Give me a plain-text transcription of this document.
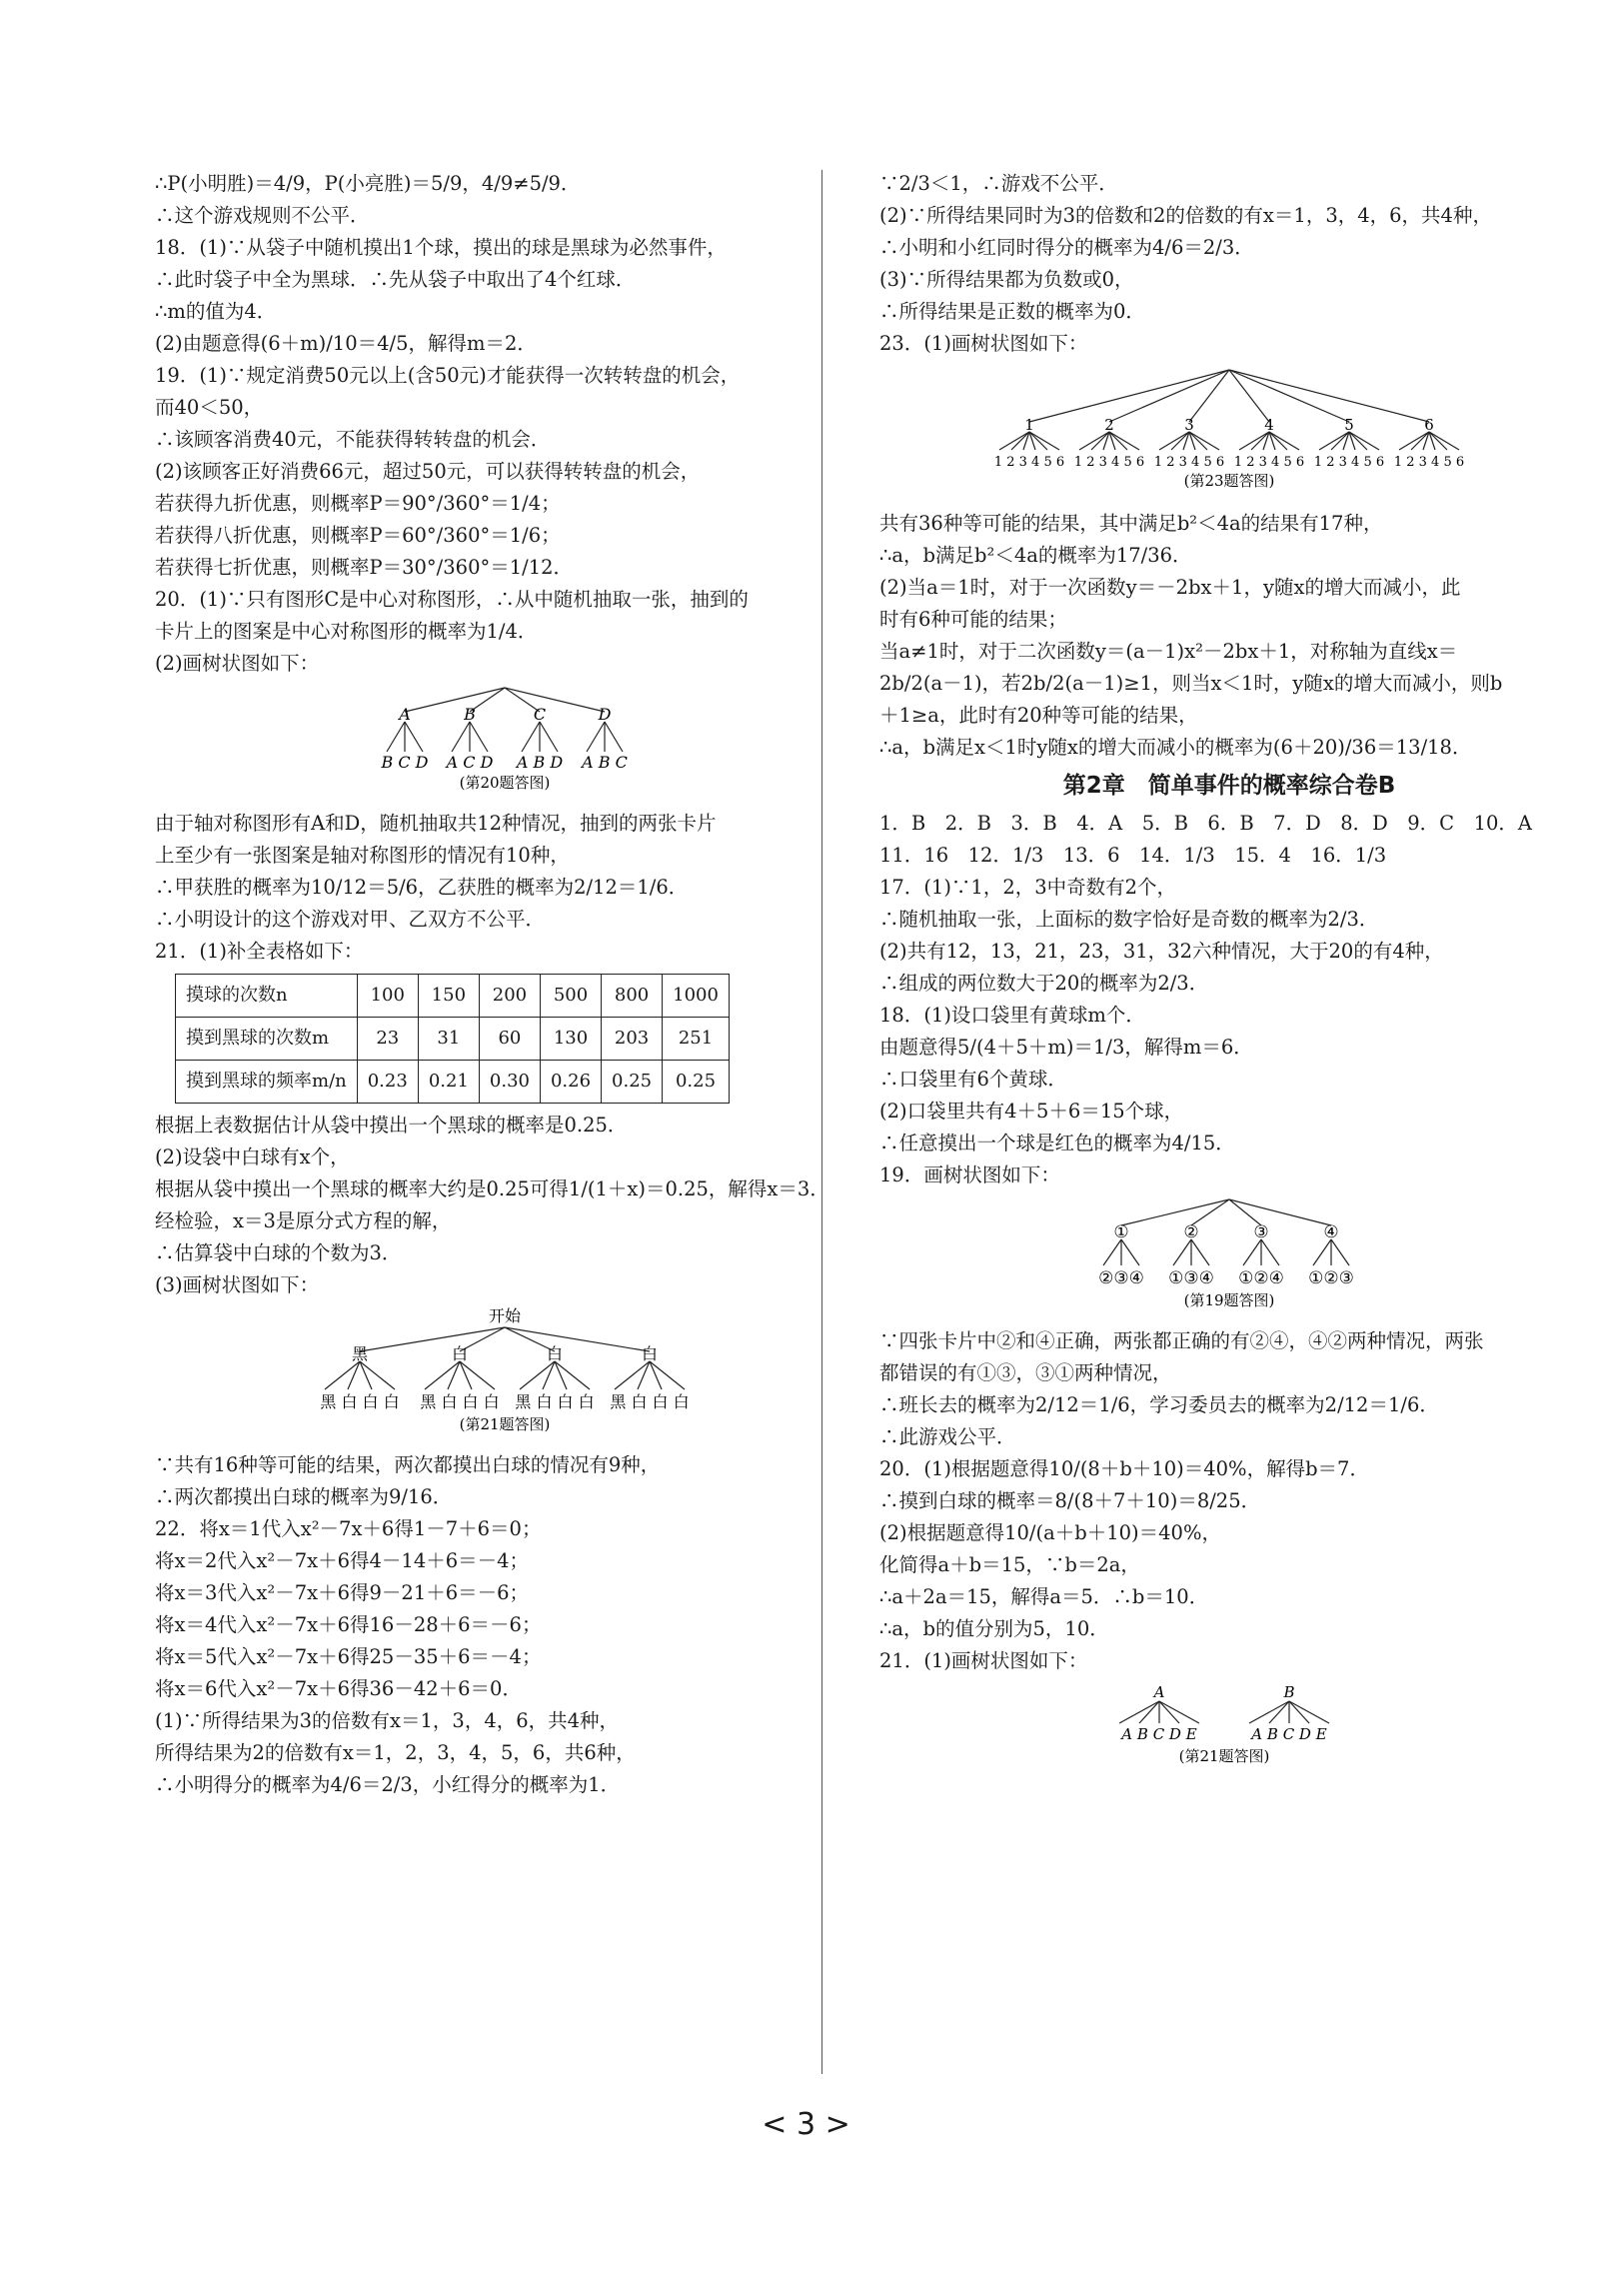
∴P(小明胜)＝4/9，P(小亮胜)＝5/9，4/9≠5/9．

∴这个游戏规则不公平．

18．(1)∵从袋子中随机摸出1个球，摸出的球是黑球为必然事件，

∴此时袋子中全为黑球．∴先从袋子中取出了4个红球．

∴m的值为4．

(2)由题意得(6＋m)/10＝4/5，解得m＝2．

19．(1)∵规定消费50元以上(含50元)才能获得一次转转盘的机会，

而40＜50，

∴该顾客消费40元，不能获得转转盘的机会．

(2)该顾客正好消费66元，超过50元，可以获得转转盘的机会，

若获得九折优惠，则概率P＝90°/360°＝1/4；

若获得八折优惠，则概率P＝60°/360°＝1/6；

若获得七折优惠，则概率P＝30°/360°＝1/12．

20．(1)∵只有图形C是中心对称图形，∴从中随机抽取一张，抽到的

卡片上的图案是中心对称图形的概率为1/4．

(2)画树状图如下：

A	B	C	D
B C D A C D A B D A B C
(第20题答图)

由于轴对称图形有A和D，随机抽取共12种情况，抽到的两张卡片

上至少有一张图案是轴对称图形的情况有10种，

∴甲获胜的概率为10/12＝5/6，乙获胜的概率为2/12＝1/6．

∴小明设计的这个游戏对甲、乙双方不公平．

21．(1)补全表格如下：

摸球的次数n	100	150	200	500	800	1000
摸到黑球的次数m	23	31	60	130	203	251
摸到黑球的频率m/n	0.23	0.21	0.30	0.26	0.25	0.25

根据上表数据估计从袋中摸出一个黑球的概率是0.25．

(2)设袋中白球有x个，

根据从袋中摸出一个黑球的概率大约是0.25可得1/(1＋x)＝0.25，解得x＝3．

经检验，x＝3是原分式方程的解，

∴估算袋中白球的个数为3．

(3)画树状图如下：

开始
黑	白	白	白
黑 白 白 白 黑 白 白 白 黑 白 白 白 黑 白 白 白
(第21题答图)

∵共有16种等可能的结果，两次都摸出白球的情况有9种，

∴两次都摸出白球的概率为9/16．

22．将x＝1代入x²－7x＋6得1－7＋6＝0；

将x＝2代入x²－7x＋6得4－14＋6＝－4；

将x＝3代入x²－7x＋6得9－21＋6＝－6；

将x＝4代入x²－7x＋6得16－28＋6＝－6；

将x＝5代入x²－7x＋6得25－35＋6＝－4；

将x＝6代入x²－7x＋6得36－42＋6＝0．

(1)∵所得结果为3的倍数有x＝1，3，4，6，共4种，

所得结果为2的倍数有x＝1，2，3，4，5，6，共6种，

∴小明得分的概率为4/6＝2/3，小红得分的概率为1．

∵2/3＜1，∴游戏不公平．

(2)∵所得结果同时为3的倍数和2的倍数的有x＝1，3，4，6，共4种，

∴小明和小红同时得分的概率为4/6＝2/3．

(3)∵所得结果都为负数或0，

∴所得结果是正数的概率为0．

23．(1)画树状图如下：

1	2	3	4	5	6
1 2 3 4 5 6 1 2 3 4 5 6 1 2 3 4 5 6 1 2 3 4 5 6 1 2 3 4 5 6 1 2 3 4 5 6
(第23题答图)

共有36种等可能的结果，其中满足b²＜4a的结果有17种，

∴a，b满足b²＜4a的概率为17/36．

(2)当a＝1时，对于一次函数y＝－2bx＋1，y随x的增大而减小，此

时有6种可能的结果；

当a≠1时，对于二次函数y＝(a－1)x²－2bx＋1，对称轴为直线x＝

2b/2(a－1)，若2b/2(a－1)≥1，则当x＜1时，y随x的增大而减小，则b

＋1≥a，此时有20种等可能的结果，

∴a，b满足x＜1时y随x的增大而减小的概率为(6＋20)/36＝13/18．

第2章　简单事件的概率综合卷B

1．B　2．B　3．B　4．A　5．B　6．B　7．D　8．D　9．C　10．A

11．16　12．1/3　13．6　14．1/3　15．4　16．1/3

17．(1)∵1，2，3中奇数有2个，

∴随机抽取一张，上面标的数字恰好是奇数的概率为2/3．

(2)共有12，13，21，23，31，32六种情况，大于20的有4种，

∴组成的两位数大于20的概率为2/3．

18．(1)设口袋里有黄球m个．

由题意得5/(4＋5＋m)＝1/3，解得m＝6．

∴口袋里有6个黄球．

(2)口袋里共有4＋5＋6＝15个球，

∴任意摸出一个球是红色的概率为4/15．

19．画树状图如下：

①	②	③	④
②③④ ①③④ ①②④ ①②③
(第19题答图)

∵四张卡片中②和④正确，两张都正确的有②④，④②两种情况，两张

都错误的有①③，③①两种情况，

∴班长去的概率为2/12＝1/6，学习委员去的概率为2/12＝1/6．

∴此游戏公平．

20．(1)根据题意得10/(8＋b＋10)＝40%，解得b＝7．

∴摸到白球的概率＝8/(8＋7＋10)＝8/25．

(2)根据题意得10/(a＋b＋10)＝40%，

化简得a＋b＝15，∵b＝2a，

∴a＋2a＝15，解得a＝5．∴b＝10．

∴a，b的值分别为5，10．

21．(1)画树状图如下：

A	B
A B C D E	A B C D E
(第21题答图)
< 3 >
